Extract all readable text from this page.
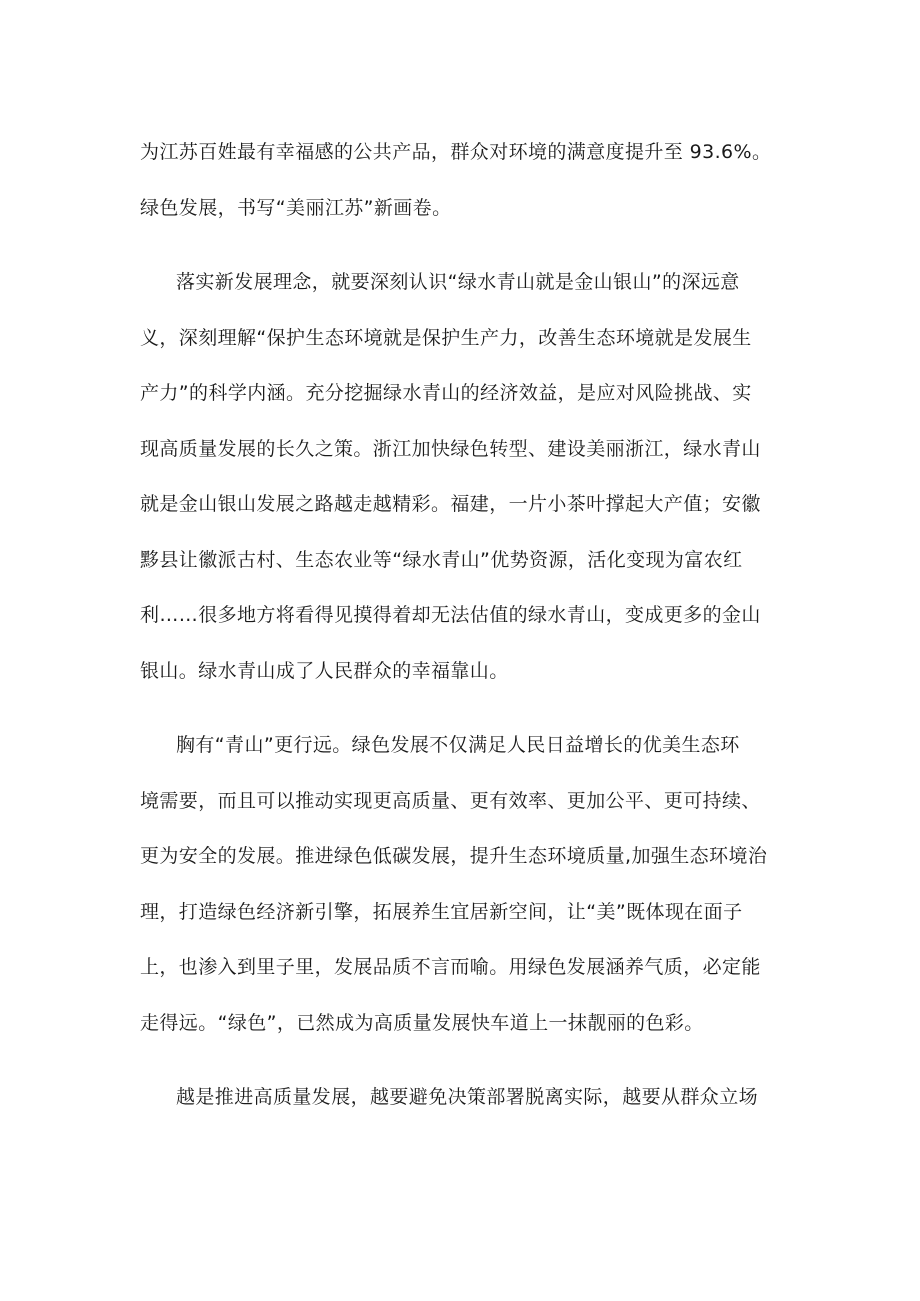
为江苏百姓最有幸福感的公共产品，群众对环境的满意度提升至 93.6%。
绿色发展，书写“美丽江苏”新画卷。
落实新发展理念，就要深刻认识“绿水青山就是金山银山”的深远意
义，深刻理解“保护生态环境就是保护生产力，改善生态环境就是发展生
产力”的科学内涵。充分挖掘绿水青山的经济效益，是应对风险挑战、实
现高质量发展的长久之策。浙江加快绿色转型、建设美丽浙江，绿水青山
就是金山银山发展之路越走越精彩。福建，一片小茶叶撑起大产值；安徽
黟县让徽派古村、生态农业等“绿水青山”优势资源，活化变现为富农红
利……很多地方将看得见摸得着却无法估值的绿水青山，变成更多的金山
银山。绿水青山成了人民群众的幸福靠山。
胸有“青山”更行远。绿色发展不仅满足人民日益增长的优美生态环
境需要，而且可以推动实现更高质量、更有效率、更加公平、更可持续、
更为安全的发展。推进绿色低碳发展，提升生态环境质量,加强生态环境治
理，打造绿色经济新引擎，拓展养生宜居新空间，让“美”既体现在面子
上，也渗入到里子里，发展品质不言而喻。用绿色发展涵养气质，必定能
走得远。“绿色”，已然成为高质量发展快车道上一抹靓丽的色彩。
越是推进高质量发展，越要避免决策部署脱离实际，越要从群众立场
